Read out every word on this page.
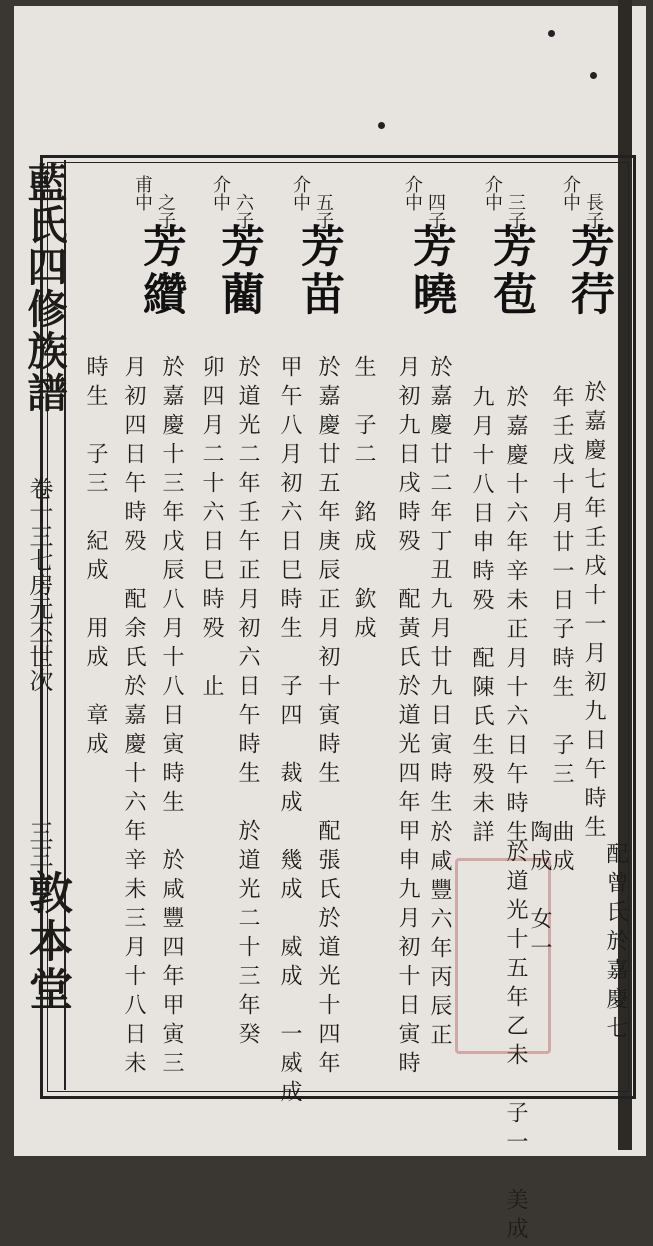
藍氏四修族譜
卷十三
七房元丕世次
三三
敦本堂
介中 長子
芳荇
於嘉慶七年壬戌十一月初九日午時生
年壬戌十月廿一日子時生　子三　曲成
陶成　女一 配曾氏於嘉慶七
介中 三子
芳苞
於嘉慶十六年辛未正月十六日午時生
九月十八日申時殁　配陳氏生殁未詳
於道光十五年乙未　子一　美成
介中 四子
芳曉
於嘉慶廿二年丁丑九月廿九日寅時生
月初九日戌時殁　配黃氏於道光四年甲申九月初十日寅時 於咸豐六年丙辰正
介中 五子
芳苗
生　子二　銘成　欽成
於嘉慶廿五年庚辰正月初十寅時生　配張氏於道光十四年
甲午八月初六日巳時生　子四　裁成　幾成　威成　一威成
介中 六子
芳藺
於道光二年壬午正月初六日午時生　於道光二十三年癸
卯四月二十六日巳時殁　止
甫中 之子
芳纘
於嘉慶十三年戊辰八月十八日寅時生　於咸豐四年甲寅三
月初四日午時殁　配余氏於嘉慶十六年辛未三月十八日未
時生　子三　紀成　用成　章成
